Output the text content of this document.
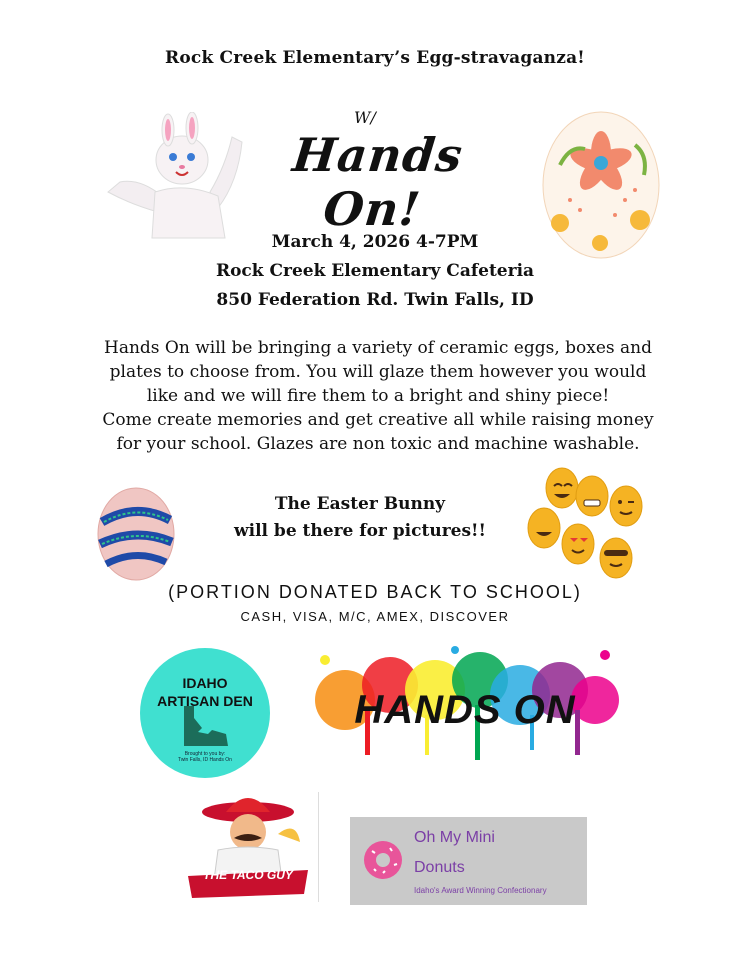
Rock Creek Elementary’s Egg-stravaganza!
W/
Hands On!
March 4, 2026 4-7PM
Rock Creek Elementary Cafeteria
850 Federation Rd. Twin Falls, ID
Hands On will be bringing a variety of ceramic eggs, boxes and
plates to choose from. You will glaze them however you would
like and we will fire them to a bright and shiny piece!
Come create memories and get creative all while raising money
for your school. Glazes are non toxic and machine washable.
The Easter Bunny
will be there for pictures!!
(PORTION DONATED BACK TO SCHOOL)
CASH, VISA, M/C, AMEX, DISCOVER
IDAHO
ARTISAN DEN
Brought to you by:
Twin Falls, ID Hands On
HANDS ON
THE TACO GUY
Oh My Mini
Donuts
Idaho's Award Winning Confectionary
